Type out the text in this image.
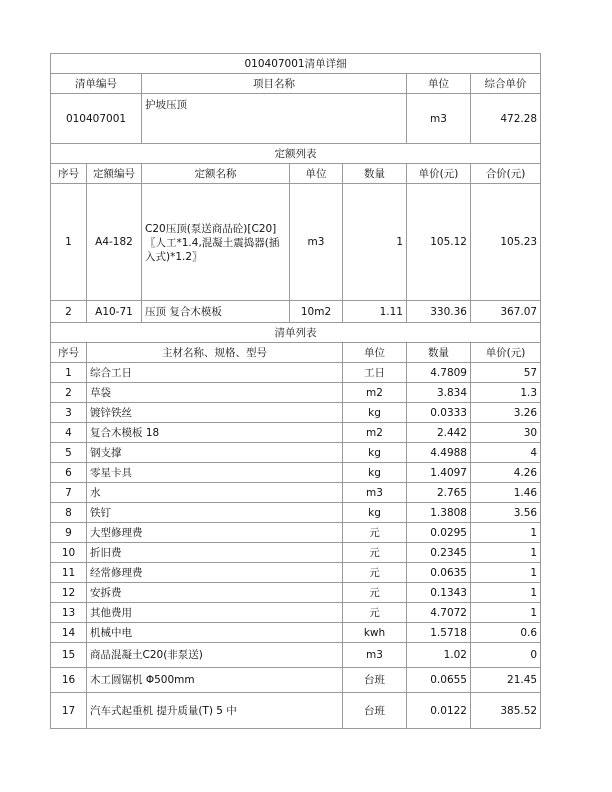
010407001清单详细							
清单编号		项目名称			单位	综合单价	
010407001		护坡压顶			m3	472.28	
定额列表							
序号	定额编号	定额名称	单位	数量	单价(元)	合价(元)	
1	A4-182	C20压顶(泵送商品砼)[C20]〖人工*1.4,混凝土震捣器(插入式)*1.2〗	m3	1	105.12	105.23	
2	A10-71	压顶 复合木模板	10m2	1.11	330.36	367.07	
清单列表							
序号	主材名称、规格、型号			单位	数量	单价(元)	
1	综合工日			工日	4.7809	57	
2	草袋			m2	3.834	1.3	
3	镀锌铁丝			kg	0.0333	3.26	
4	复合木模板 18			m2	2.442	30	
5	钢支撑			kg	4.4988	4	
6	零星卡具			kg	1.4097	4.26	
7	水			m3	2.765	1.46	
8	铁钉			kg	1.3808	3.56	
9	大型修理费			元	0.0295	1	
10	折旧费			元	0.2345	1	
11	经常修理费			元	0.0635	1	
12	安拆费			元	0.1343	1	
13	其他费用			元	4.7072	1	
14	机械中电			kwh	1.5718	0.6	
15	商品混凝土C20(非泵送)			m3	1.02	0	
16	木工圆锯机 Φ500mm			台班	0.0655	21.45	
17	汽车式起重机 提升质量(T) 5 中			台班	0.0122	385.52	
